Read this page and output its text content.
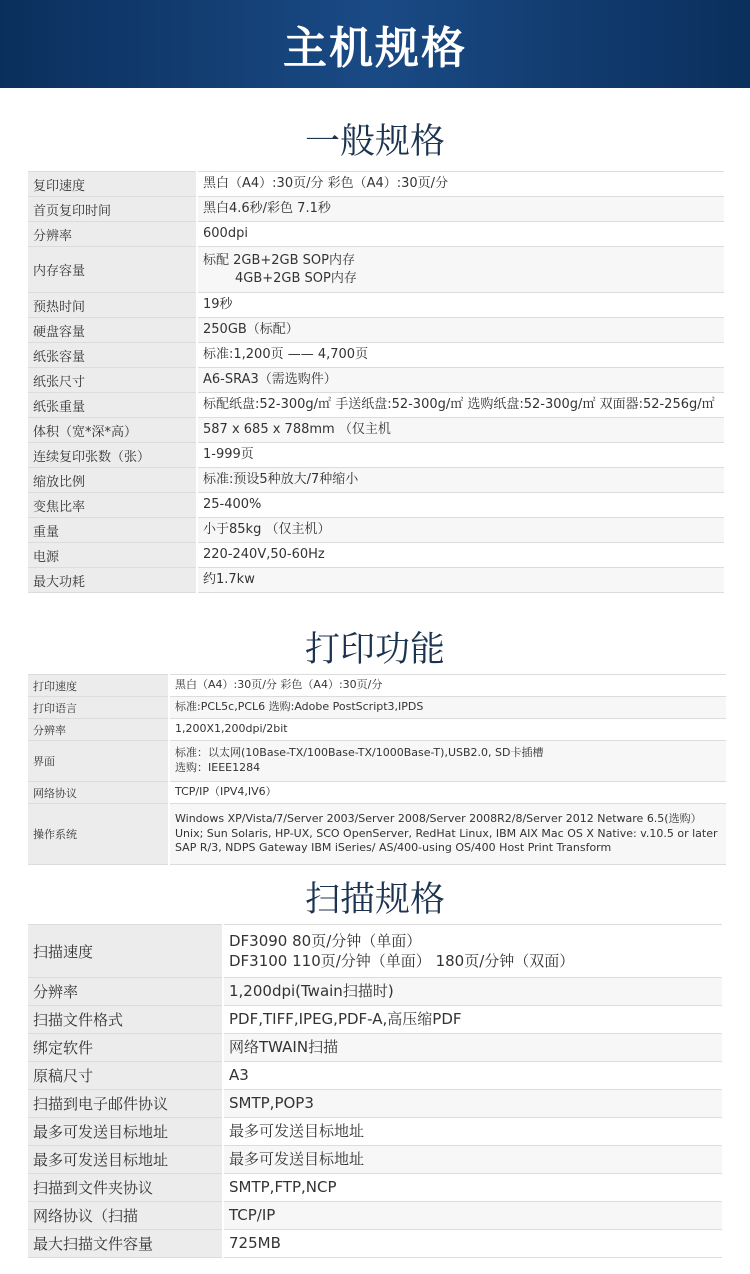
主机规格
一般规格
复印速度	黑白（A4）:30页/分 彩色（A4）:30页/分

首页复印时间	黑白4.6秒/彩色 7.1秒

分辨率	600dpi

内存容量	标配 2GB+2GB SOP内存
4GB+2GB SOP内存

预热时间	19秒

硬盘容量	250GB（标配）

纸张容量	标准:1,200页 —— 4,700页

纸张尺寸	A6-SRA3（需选购件）

纸张重量	标配纸盘:52-300g/㎡ 手送纸盘:52-300g/㎡ 选购纸盘:52-300g/㎡ 双面器:52-256g/㎡

体积（宽*深*高）	587 x 685 x 788mm （仅主机

连续复印张数（张）	1-999页

缩放比例	标准:预设5种放大/7种缩小

变焦比率	25-400%

重量	小于85kg （仅主机）

电源	220-240V,50-60Hz

最大功耗	约1.7kw
打印功能
打印速度	黑白（A4）:30页/分 彩色（A4）:30页/分

打印语言	标准:PCL5c,PCL6 选购:Adobe PostScript3,IPDS

分辨率	1,200X1,200dpi/2bit

界面	标准：以太网(10Base-TX/100Base-TX/1000Base-T),USB2.0, SD卡插槽
选购：IEEE1284

网络协议	TCP/IP（IPV4,IV6）

操作系统	Windows XP/Vista/7/Server 2003/Server 2008/Server 2008R2/8/Server 2012 Netware 6.5(选购）
Unix; Sun Solaris, HP-UX, SCO OpenServer, RedHat Linux, IBM AIX Mac OS X Native: v.10.5 or later
SAP R/3, NDPS Gateway IBM iSeries/ AS/400-using OS/400 Host Print Transform
扫描规格
扫描速度	DF3090 80页/分钟（单面）
DF3100 110页/分钟（单面） 180页/分钟（双面）

分辨率	1,200dpi(Twain扫描时)

扫描文件格式	PDF,TIFF,IPEG,PDF-A,高压缩PDF

绑定软件	网络TWAIN扫描

原稿尺寸	A3

扫描到电子邮件协议	SMTP,POP3

最多可发送目标地址	最多可发送目标地址

最多可发送目标地址	最多可发送目标地址

扫描到文件夹协议	SMTP,FTP,NCP

网络协议（扫描	TCP/IP

最大扫描文件容量	725MB
